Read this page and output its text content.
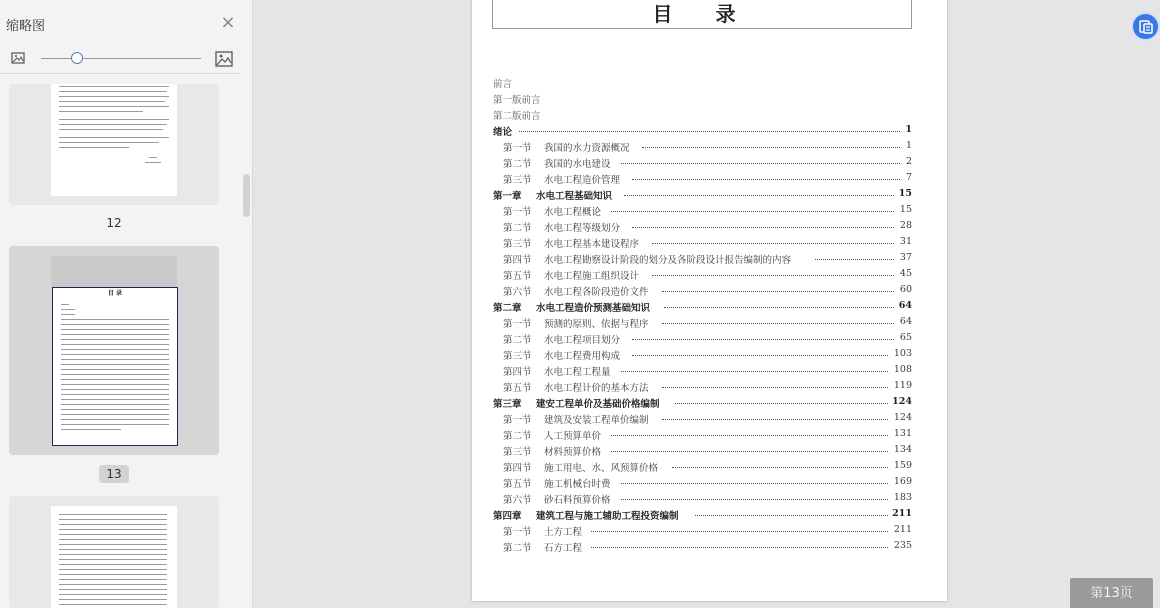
缩略图	×
12
目 录
13
目 录
前言
第一版前言
第二版前言
绪论	1
第一节 我国的水力资源概况	1
第二节 我国的水电建设	2
第三节 水电工程造价管理	7
第一章 水电工程基础知识	15
第一节 水电工程概论	15
第二节 水电工程等级划分	28
第三节 水电工程基本建设程序	31
第四节 水电工程勘察设计阶段的划分及各阶段设计报告编制的内容	37
第五节 水电工程施工组织设计	45
第六节 水电工程各阶段造价文件	60
第二章 水电工程造价预测基础知识	64
第一节 预测的原则、依据与程序	64
第二节 水电工程项目划分	65
第三节 水电工程费用构成	103
第四节 水电工程工程量	108
第五节 水电工程计价的基本方法	119
第三章 建安工程单价及基础价格编制	124
第一节 建筑及安装工程单价编制	124
第二节 人工预算单价	131
第三节 材料预算价格	134
第四节 施工用电、水、风预算价格	159
第五节 施工机械台时费	169
第六节 砂石料预算价格	183
第四章 建筑工程与施工辅助工程投资编制	211
第一节 土方工程	211
第二节 石方工程	235
第13页
